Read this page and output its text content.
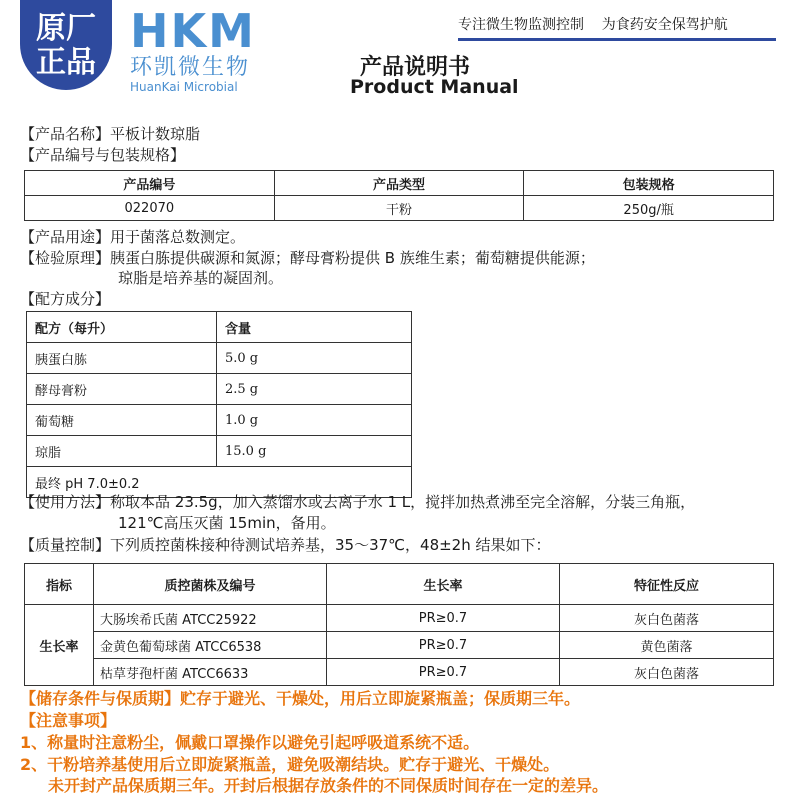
原厂
正品
HKM
环凯微生物
HuanKai Microbial
专注微生物监测控制    为食药安全保驾护航
产品说明书
Product Manual
【产品名称】平板计数琼脂
【产品编号与包装规格】
产品编号	产品类型	包装规格
022070	干粉	250g/瓶
【产品用途】用于菌落总数测定。
【检验原理】胰蛋白胨提供碳源和氮源；酵母膏粉提供 B 族维生素；葡萄糖提供能源；
琼脂是培养基的凝固剂。
【配方成分】
配方（每升）	含量
胰蛋白胨	5.0 g
酵母膏粉	2.5 g
葡萄糖	1.0 g
琼脂	15.0 g
最终 pH 7.0±0.2	
【使用方法】称取本品 23.5g，加入蒸馏水或去离子水 1 L，搅拌加热煮沸至完全溶解，分装三角瓶，
121℃高压灭菌 15min，备用。
【质量控制】下列质控菌株接种待测试培养基，35～37℃，48±2h 结果如下：
指标	质控菌株及编号	生长率	特征性反应
生长率	大肠埃希氏菌 ATCC25922	PR≥0.7	灰白色菌落
	金黄色葡萄球菌 ATCC6538	PR≥0.7	黄色菌落
	枯草芽孢杆菌 ATCC6633	PR≥0.7	灰白色菌落
【储存条件与保质期】贮存于避光、干燥处，用后立即旋紧瓶盖；保质期三年。
【注意事项】
1、称量时注意粉尘，佩戴口罩操作以避免引起呼吸道系统不适。
2、干粉培养基使用后立即旋紧瓶盖，避免吸潮结块。贮存于避光、干燥处。
未开封产品保质期三年。开封后根据存放条件的不同保质时间存在一定的差异。
